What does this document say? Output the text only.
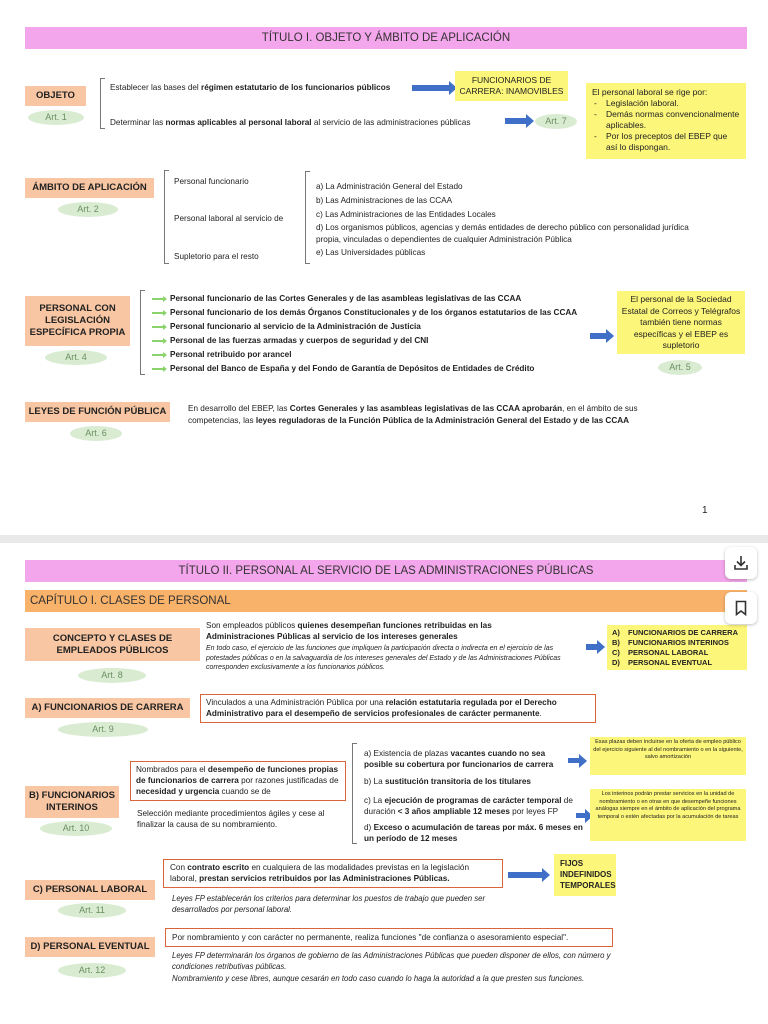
TÍTULO I. OBJETO Y ÁMBITO DE APLICACIÓN
OBJETO
Art. 1
Establecer las bases del régimen estatutario de los funcionarios públicos
FUNCIONARIOS DE CARRERA: INAMOVIBLES
Determinar las normas aplicables al personal laboral al servicio de las administraciones públicas	Art. 7
El personal laboral se rige por:
- Legislación laboral.
- Demás normas convencionalmente aplicables.
- Por los preceptos del EBEP que así lo dispongan.
ÁMBITO DE APLICACIÓN
Art. 2
Personal funcionario
Personal laboral al servicio de
Supletorio para el resto
a) La Administración General del Estado
b) Las Administraciones de las CCAA
c) Las Administraciones de las Entidades Locales
d) Los organismos públicos, agencias y demás entidades de derecho público con personalidad jurídica propia, vinculadas o dependientes de cualquier Administración Pública
e) Las Universidades públicas
PERSONAL CON LEGISLACIÓN ESPECÍFICA PROPIA
Art. 4
Personal funcionario de las Cortes Generales y de las asambleas legislativas de las CCAA
Personal funcionario de los demás Órganos Constitucionales y de los órganos estatutarios de las CCAA
Personal funcionario al servicio de la Administración de Justicia
Personal de las fuerzas armadas y cuerpos de seguridad y del CNI
Personal retribuido por arancel
Personal del Banco de España y del Fondo de Garantía de Depósitos de Entidades de Crédito
El personal de la Sociedad Estatal de Correos y Telégrafos también tiene normas específicas y el EBEP es supletorio
Art. 5
LEYES DE FUNCIÓN PÚBLICA
Art. 6
En desarrollo del EBEP, las Cortes Generales y las asambleas legislativas de las CCAA aprobarán, en el ámbito de sus competencias, las leyes reguladoras de la Función Pública de la Administración General del Estado y de las CCAA
1
TÍTULO II. PERSONAL AL SERVICIO DE LAS ADMINISTRACIONES PÚBLICAS
CAPÍTULO I. CLASES DE PERSONAL
CONCEPTO Y CLASES DE EMPLEADOS PÚBLICOS
Art. 8
Son empleados públicos quienes desempeñan funciones retribuidas en las Administraciones Públicas al servicio de los intereses generales
En todo caso, el ejercicio de las funciones que impliquen la participación directa o indirecta en el ejercicio de las potestades públicas o en la salvaguardia de los intereses generales del Estado y de las Administraciones Públicas corresponden exclusivamente a los funcionarios públicos.
A) FUNCIONARIOS DE CARRERA
B) FUNCIONARIOS INTERINOS
C) PERSONAL LABORAL
D) PERSONAL EVENTUAL
A) FUNCIONARIOS DE CARRERA
Art. 9
Vinculados a una Administración Pública por una relación estatutaria regulada por el Derecho Administrativo para el desempeño de servicios profesionales de carácter permanente.
B) FUNCIONARIOS INTERINOS
Art. 10
Nombrados para el desempeño de funciones propias de funcionarios de carrera por razones justificadas de necesidad y urgencia cuando se de
Selección mediante procedimientos ágiles y cese al finalizar la causa de su nombramiento.
a) Existencia de plazas vacantes cuando no sea posible su cobertura por funcionarios de carrera
b) La sustitución transitoria de los titulares
c) La ejecución de programas de carácter temporal de duración < 3 años ampliable 12 meses por leyes FP
d) Exceso o acumulación de tareas por máx. 6 meses en un período de 12 meses
Esas plazas deben incluirse en la oferta de empleo público del ejercicio siguiente al del nombramiento o en la siguiente, salvo amortización
Los interinos podrán prestar servicios en la unidad de nombramiento o en otras en que desempeñe funciones análogas siempre en el ámbito de aplicación del programa temporal o estén afectadas por la acumulación de tareas
C) PERSONAL LABORAL
Art. 11
Con contrato escrito en cualquiera de las modalidades previstas en la legislación laboral, prestan servicios retribuidos por las Administraciones Públicas.
FIJOS
INDEFINIDOS
TEMPORALES
Leyes FP establecerán los criterios para determinar los puestos de trabajo que pueden ser desarrollados por personal laboral.
D) PERSONAL EVENTUAL
Art. 12
Por nombramiento y con carácter no permanente, realiza funciones "de confianza o asesoramiento especial".
Leyes FP determinarán los órganos de gobierno de las Administraciones Públicas que pueden disponer de ellos, con número y condiciones retributivas públicas.
Nombramiento y cese libres, aunque cesarán en todo caso cuando lo haga la autoridad a la que presten sus funciones.
